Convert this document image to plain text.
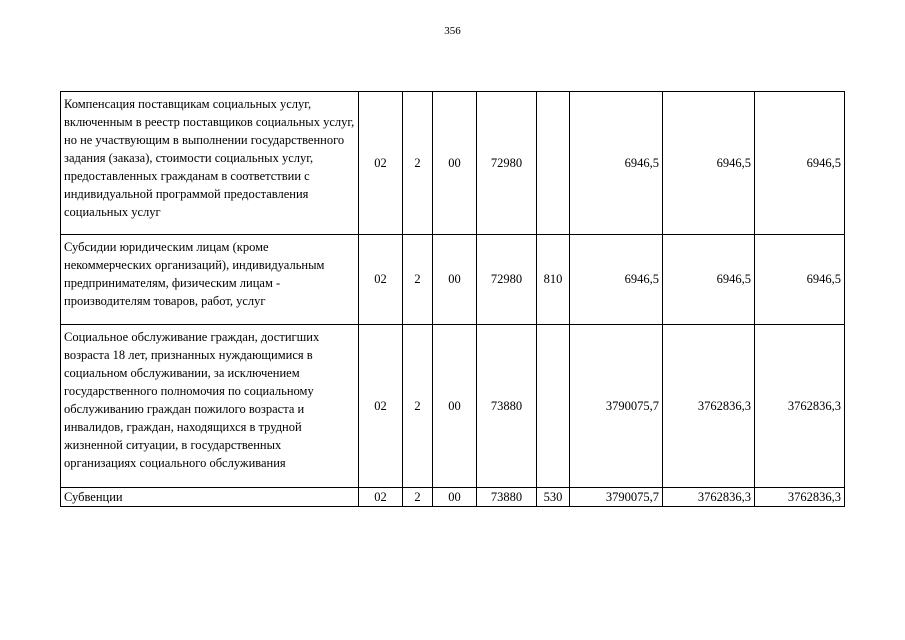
356
Компенсация поставщикам социальных услуг, включенным в реестр поставщиков социальных услуг, но не участвующим в выполнении государственного задания (заказа), стоимости социальных услуг, предоставленных гражданам в соответствии с индивидуальной программой предоставления социальных услуг	02	2	00	72980		6946,5	6946,5	6946,5
Субсидии юридическим лицам (кроме некоммерческих организаций), индивидуальным предпринимателям, физическим лицам - производителям товаров, работ, услуг	02	2	00	72980	810	6946,5	6946,5	6946,5
Социальное обслуживание граждан, достигших возраста 18 лет, признанных нуждающимися в социальном обслуживании, за исключением государственного полномочия по социальному обслуживанию граждан пожилого возраста и инвалидов, граждан, находящихся в трудной жизненной ситуации, в государственных организациях социального обслуживания	02	2	00	73880		3790075,7	3762836,3	3762836,3
Субвенции	02	2	00	73880	530	3790075,7	3762836,3	3762836,3
